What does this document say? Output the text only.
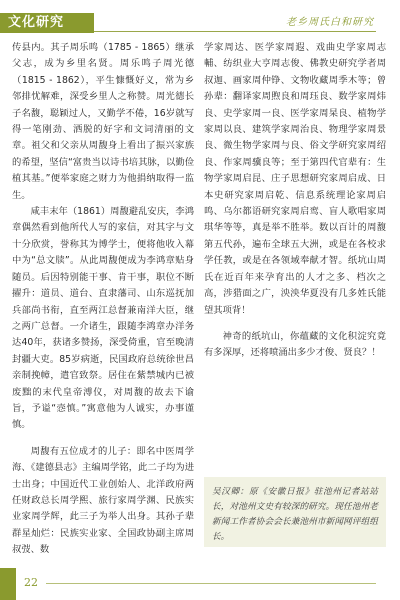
文化研究	老乡周氏白和研究

传县内。其子周乐鸣（1785 - 1865）继承父志，成为乡里名贤。周乐鸣子周光德（1815 - 1862），平生慷慨好义，常为乡邻排忧解难，深受乡里人之称赞。周光德长子名馥，聪颖过人，又勤学不倦，16岁就写得一笔刚劲、洒脱的好字和文词清丽的文章。祖父和父亲从周馥身上看出了振兴家族的希望，坚信“富贵当以诗书培其脉，以勤俭植其基。”便举家庭之财力为他捐纳取得一监生。

咸丰末年（1861）周馥避乱安庆，李鸿章偶然看到他所代人写的家信，对其字与文十分欣赏，誉称其为博学士，便将他收入幕中为“总文牍”。从此周馥便成为李鸿章贴身随员。后因特别能干事、肯干事，职位不断擢升：道员、道台、直隶藩司、山东巡抚加兵部尚书衔，直至两江总督兼南洋大臣，继之两广总督。一介诸生，跟随李鸿章办洋务达40年，获诸多赞扬，深受倚重，官至晚清封疆大吏。85岁病逝，民国政府总统徐世昌亲制挽幛，遣官致祭。居住在紫禁城内已被废黜的末代皇帝溥仪，对周馥的故去下谕旨，予谥“悫慎。”寓意他为人诚实，办事谨慎。

周馥有五位成才的儿子：即名中医周学海、《建德县志》主编周学铭，此二子均为进士出身；中国近代工业创始人、北洋政府两任财政总长周学熙、旅行家周学渊、民族实业家周学辉，此三子为举人出身。其孙子辈群星灿烂：民族实业家、全国政协副主席周叔弢、数

学家周达、医学家周遐、戏曲史学家周志輔、纺织业大亨周志俊、佛教史研究学者周叔迦、画家周仲铮、文物收藏周季木等；曾孙辈：翻译家周煦良和周珏良、数学家周炜良、史学家周一良、医学家周杲良、植物学家周以良、建筑学家周治良、物理学家周景良、微生物学家周与良、俗文学研究家周绍良、作家周骥良等；至于第四代官辈有：生物学家周启昆、庄子思想研究家周启成、日本史研究家周启乾、信息系统理论家周启鸣、乌尔都语研究家周启鸾、盲人歌唱家周琪华等等，真是举不胜举。数以百计的周馥第五代孙，遍布全球五大洲，或是在各校求学任教，或是在各领域奉献才智。纸坑山周氏在近百年来孕育出的人才之多、档次之高，涉猎面之广，泱泱华夏没有几多姓氏能望其项背！

神奇的纸坑山，你蕴藏的文化积淀究竟有多深厚，还将喷涌出多少才俊、贤良？！

吴汉卿：原《安徽日报》驻池州记者站站长，对池州文史有较深的研究。现任池州老新闻工作者协会会长兼池州市新闻网评组组长。
22
